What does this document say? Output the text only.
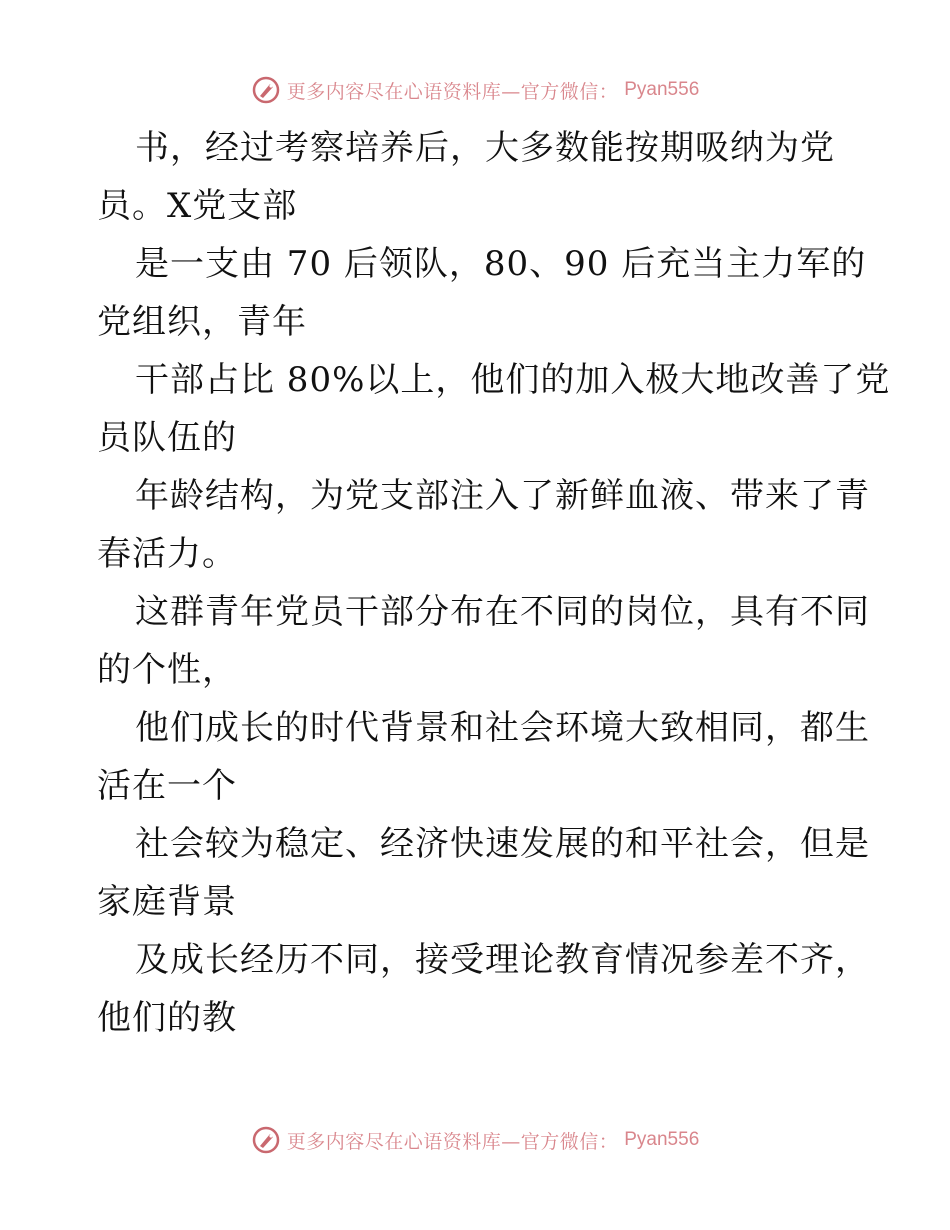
更多内容尽在心语资料库—官方微信： Pyan556
书，经过考察培养后，大多数能按期吸纳为党
员。X党支部
是一支由 70 后领队，80、90 后充当主力军的
党组织，青年
干部占比 80%以上，他们的加入极大地改善了党
员队伍的
年龄结构，为党支部注入了新鲜血液、带来了青
春活力。
这群青年党员干部分布在不同的岗位，具有不同
的个性，
他们成长的时代背景和社会环境大致相同，都生
活在一个
社会较为稳定、经济快速发展的和平社会，但是
家庭背景
及成长经历不同，接受理论教育情况参差不齐，
他们的教
更多内容尽在心语资料库—官方微信： Pyan556
